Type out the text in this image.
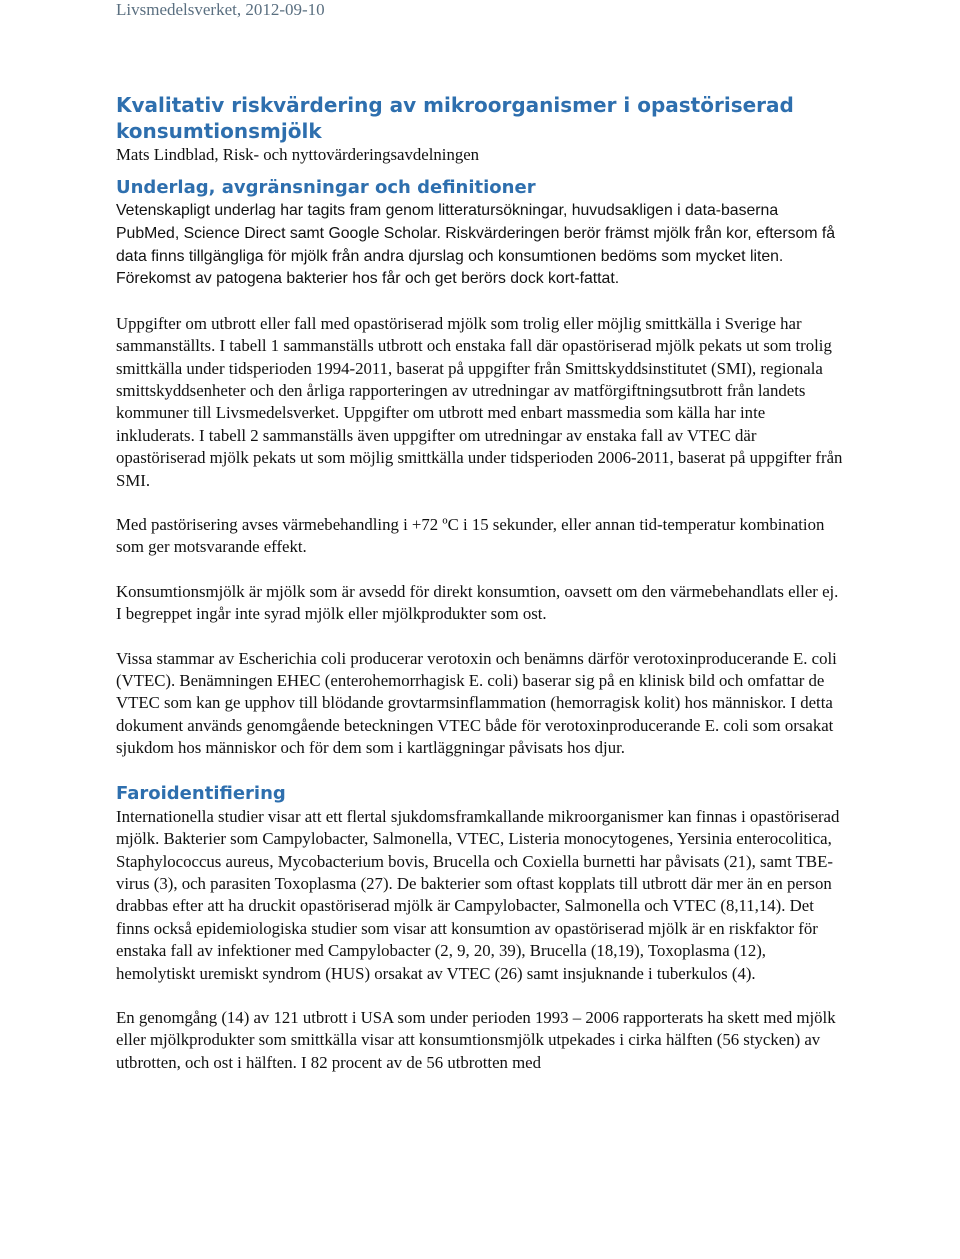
Livsmedelsverket, 2012-09-10
Kvalitativ riskvärdering av mikroorganismer i opastöriserad konsumtionsmjölk

Mats Lindblad, Risk- och nyttovärderingsavdelningen

Underlag, avgränsningar och definitioner

Vetenskapligt underlag har tagits fram genom litteratursökningar, huvudsakligen i data-baserna PubMed, Science Direct samt Google Scholar. Riskvärderingen berör främst mjölk från kor, eftersom få data finns tillgängliga för mjölk från andra djurslag och konsumtionen bedöms som mycket liten. Förekomst av patogena bakterier hos får och get berörs dock kort-fattat.

Uppgifter om utbrott eller fall med opastöriserad mjölk som trolig eller möjlig smittkälla i Sverige har sammanställts. I tabell 1 sammanställs utbrott och enstaka fall där opastöriserad mjölk pekats ut som trolig smittkälla under tidsperioden 1994-2011, baserat på uppgifter från Smittskyddsinstitutet (SMI), regionala smittskyddsenheter och den årliga rapporteringen av utredningar av matförgiftningsutbrott från landets kommuner till Livsmedelsverket. Uppgifter om utbrott med enbart massmedia som källa har inte inkluderats. I tabell 2 sammanställs även uppgifter om utredningar av enstaka fall av VTEC där opastöriserad mjölk pekats ut som möjlig smittkälla under tidsperioden 2006-2011, baserat på uppgifter från SMI.

Med pastörisering avses värmebehandling i +72 ºC i 15 sekunder, eller annan tid-temperatur kombination som ger motsvarande effekt.

Konsumtionsmjölk är mjölk som är avsedd för direkt konsumtion, oavsett om den värmebehandlats eller ej. I begreppet ingår inte syrad mjölk eller mjölkprodukter som ost.

Vissa stammar av Escherichia coli producerar verotoxin och benämns därför verotoxinproducerande E. coli (VTEC). Benämningen EHEC (enterohemorrhagisk E. coli) baserar sig på en klinisk bild och omfattar de VTEC som kan ge upphov till blödande grovtarmsinflammation (hemorragisk kolit) hos människor. I detta dokument används genomgående beteckningen VTEC både för verotoxinproducerande E. coli som orsakat sjukdom hos människor och för dem som i kartläggningar påvisats hos djur.

Faroidentifiering

Internationella studier visar att ett flertal sjukdomsframkallande mikroorganismer kan finnas i opastöriserad mjölk. Bakterier som Campylobacter, Salmonella, VTEC, Listeria monocytogenes, Yersinia enterocolitica, Staphylococcus aureus, Mycobacterium bovis, Brucella och Coxiella burnetti har påvisats (21), samt TBE-virus (3), och parasiten Toxoplasma (27). De bakterier som oftast kopplats till utbrott där mer än en person drabbas efter att ha druckit opastöriserad mjölk är Campylobacter, Salmonella och VTEC (8,11,14). Det finns också epidemiologiska studier som visar att konsumtion av opastöriserad mjölk är en riskfaktor för enstaka fall av infektioner med Campylobacter (2, 9, 20, 39), Brucella (18,19), Toxoplasma (12), hemolytiskt uremiskt syndrom (HUS) orsakat av VTEC (26) samt insjuknande i tuberkulos (4).

En genomgång (14) av 121 utbrott i USA som under perioden 1993 – 2006 rapporterats ha skett med mjölk eller mjölkprodukter som smittkälla visar att konsumtionsmjölk utpekades i cirka hälften (56 stycken) av utbrotten, och ost i hälften. I 82 procent av de 56 utbrotten med
